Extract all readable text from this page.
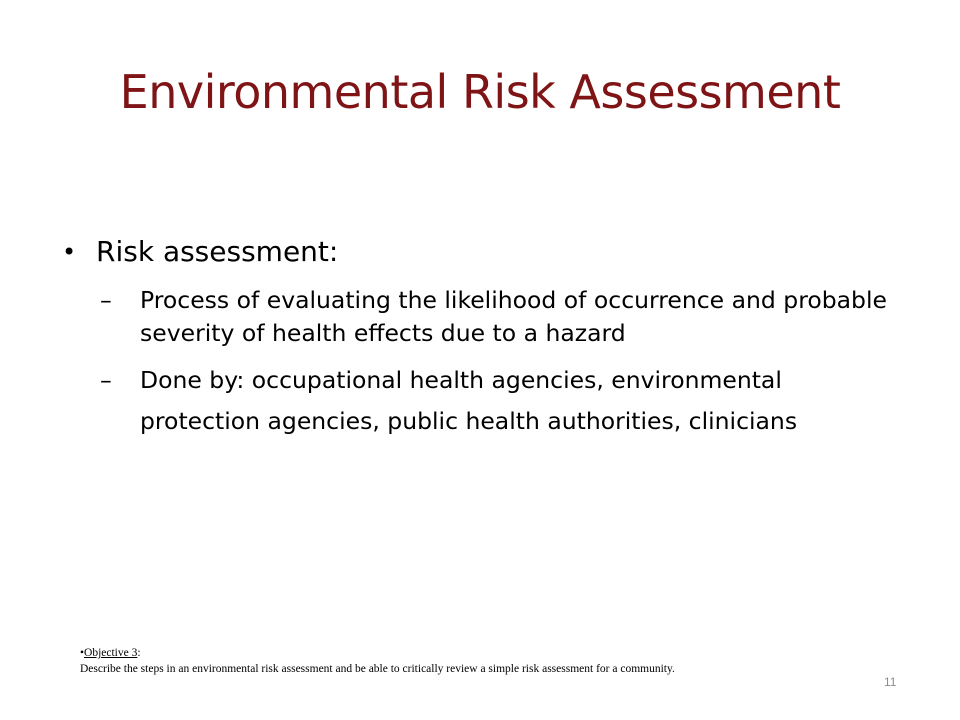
Environmental Risk Assessment
• Risk assessment:
– Process of evaluating the likelihood of occurrence and probable severity of health effects due to a hazard
– Done by: occupational health agencies, environmental protection agencies, public health authorities, clinicians
•Objective 3:
Describe the steps in an environmental risk assessment and be able to critically review a simple risk assessment for a community.
11
